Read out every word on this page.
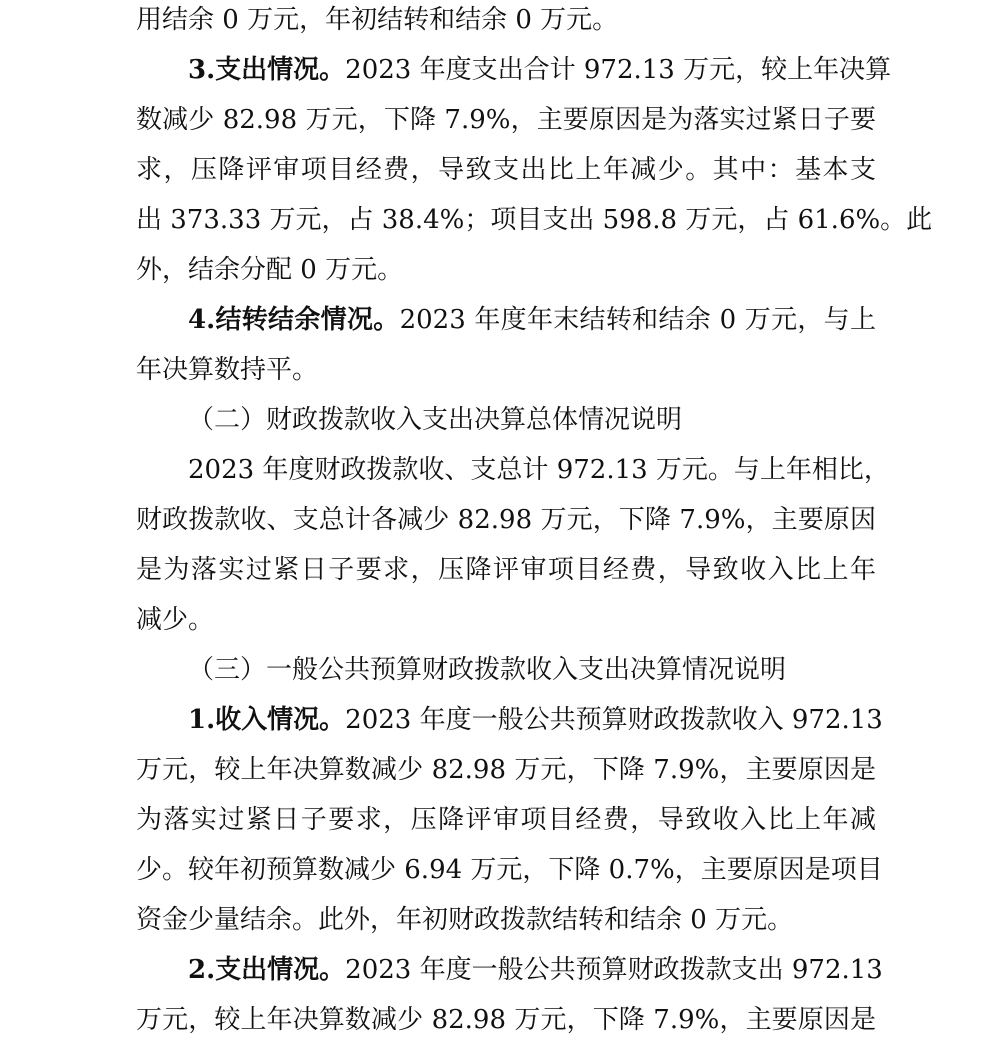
用结余 0 万元，年初结转和结余 0 万元。
3.支出情况。2023 年度支出合计 972.13 万元，较上年决算
数减少 82.98 万元，下降 7.9%，主要原因是为落实过紧日子要
求，压降评审项目经费，导致支出比上年减少。其中：基本支
出 373.33 万元，占 38.4%；项目支出 598.8 万元，占 61.6%。此
外，结余分配 0 万元。
4.结转结余情况。2023 年度年末结转和结余 0 万元，与上
年决算数持平。
（二）财政拨款收入支出决算总体情况说明
2023 年度财政拨款收、支总计 972.13 万元。与上年相比，
财政拨款收、支总计各减少 82.98 万元，下降 7.9%，主要原因
是为落实过紧日子要求，压降评审项目经费，导致收入比上年
减少。
（三）一般公共预算财政拨款收入支出决算情况说明
1.收入情况。2023 年度一般公共预算财政拨款收入 972.13
万元，较上年决算数减少 82.98 万元，下降 7.9%，主要原因是
为落实过紧日子要求，压降评审项目经费，导致收入比上年减
少。较年初预算数减少 6.94 万元，下降 0.7%，主要原因是项目
资金少量结余。此外，年初财政拨款结转和结余 0 万元。
2.支出情况。2023 年度一般公共预算财政拨款支出 972.13
万元，较上年决算数减少 82.98 万元，下降 7.9%，主要原因是
